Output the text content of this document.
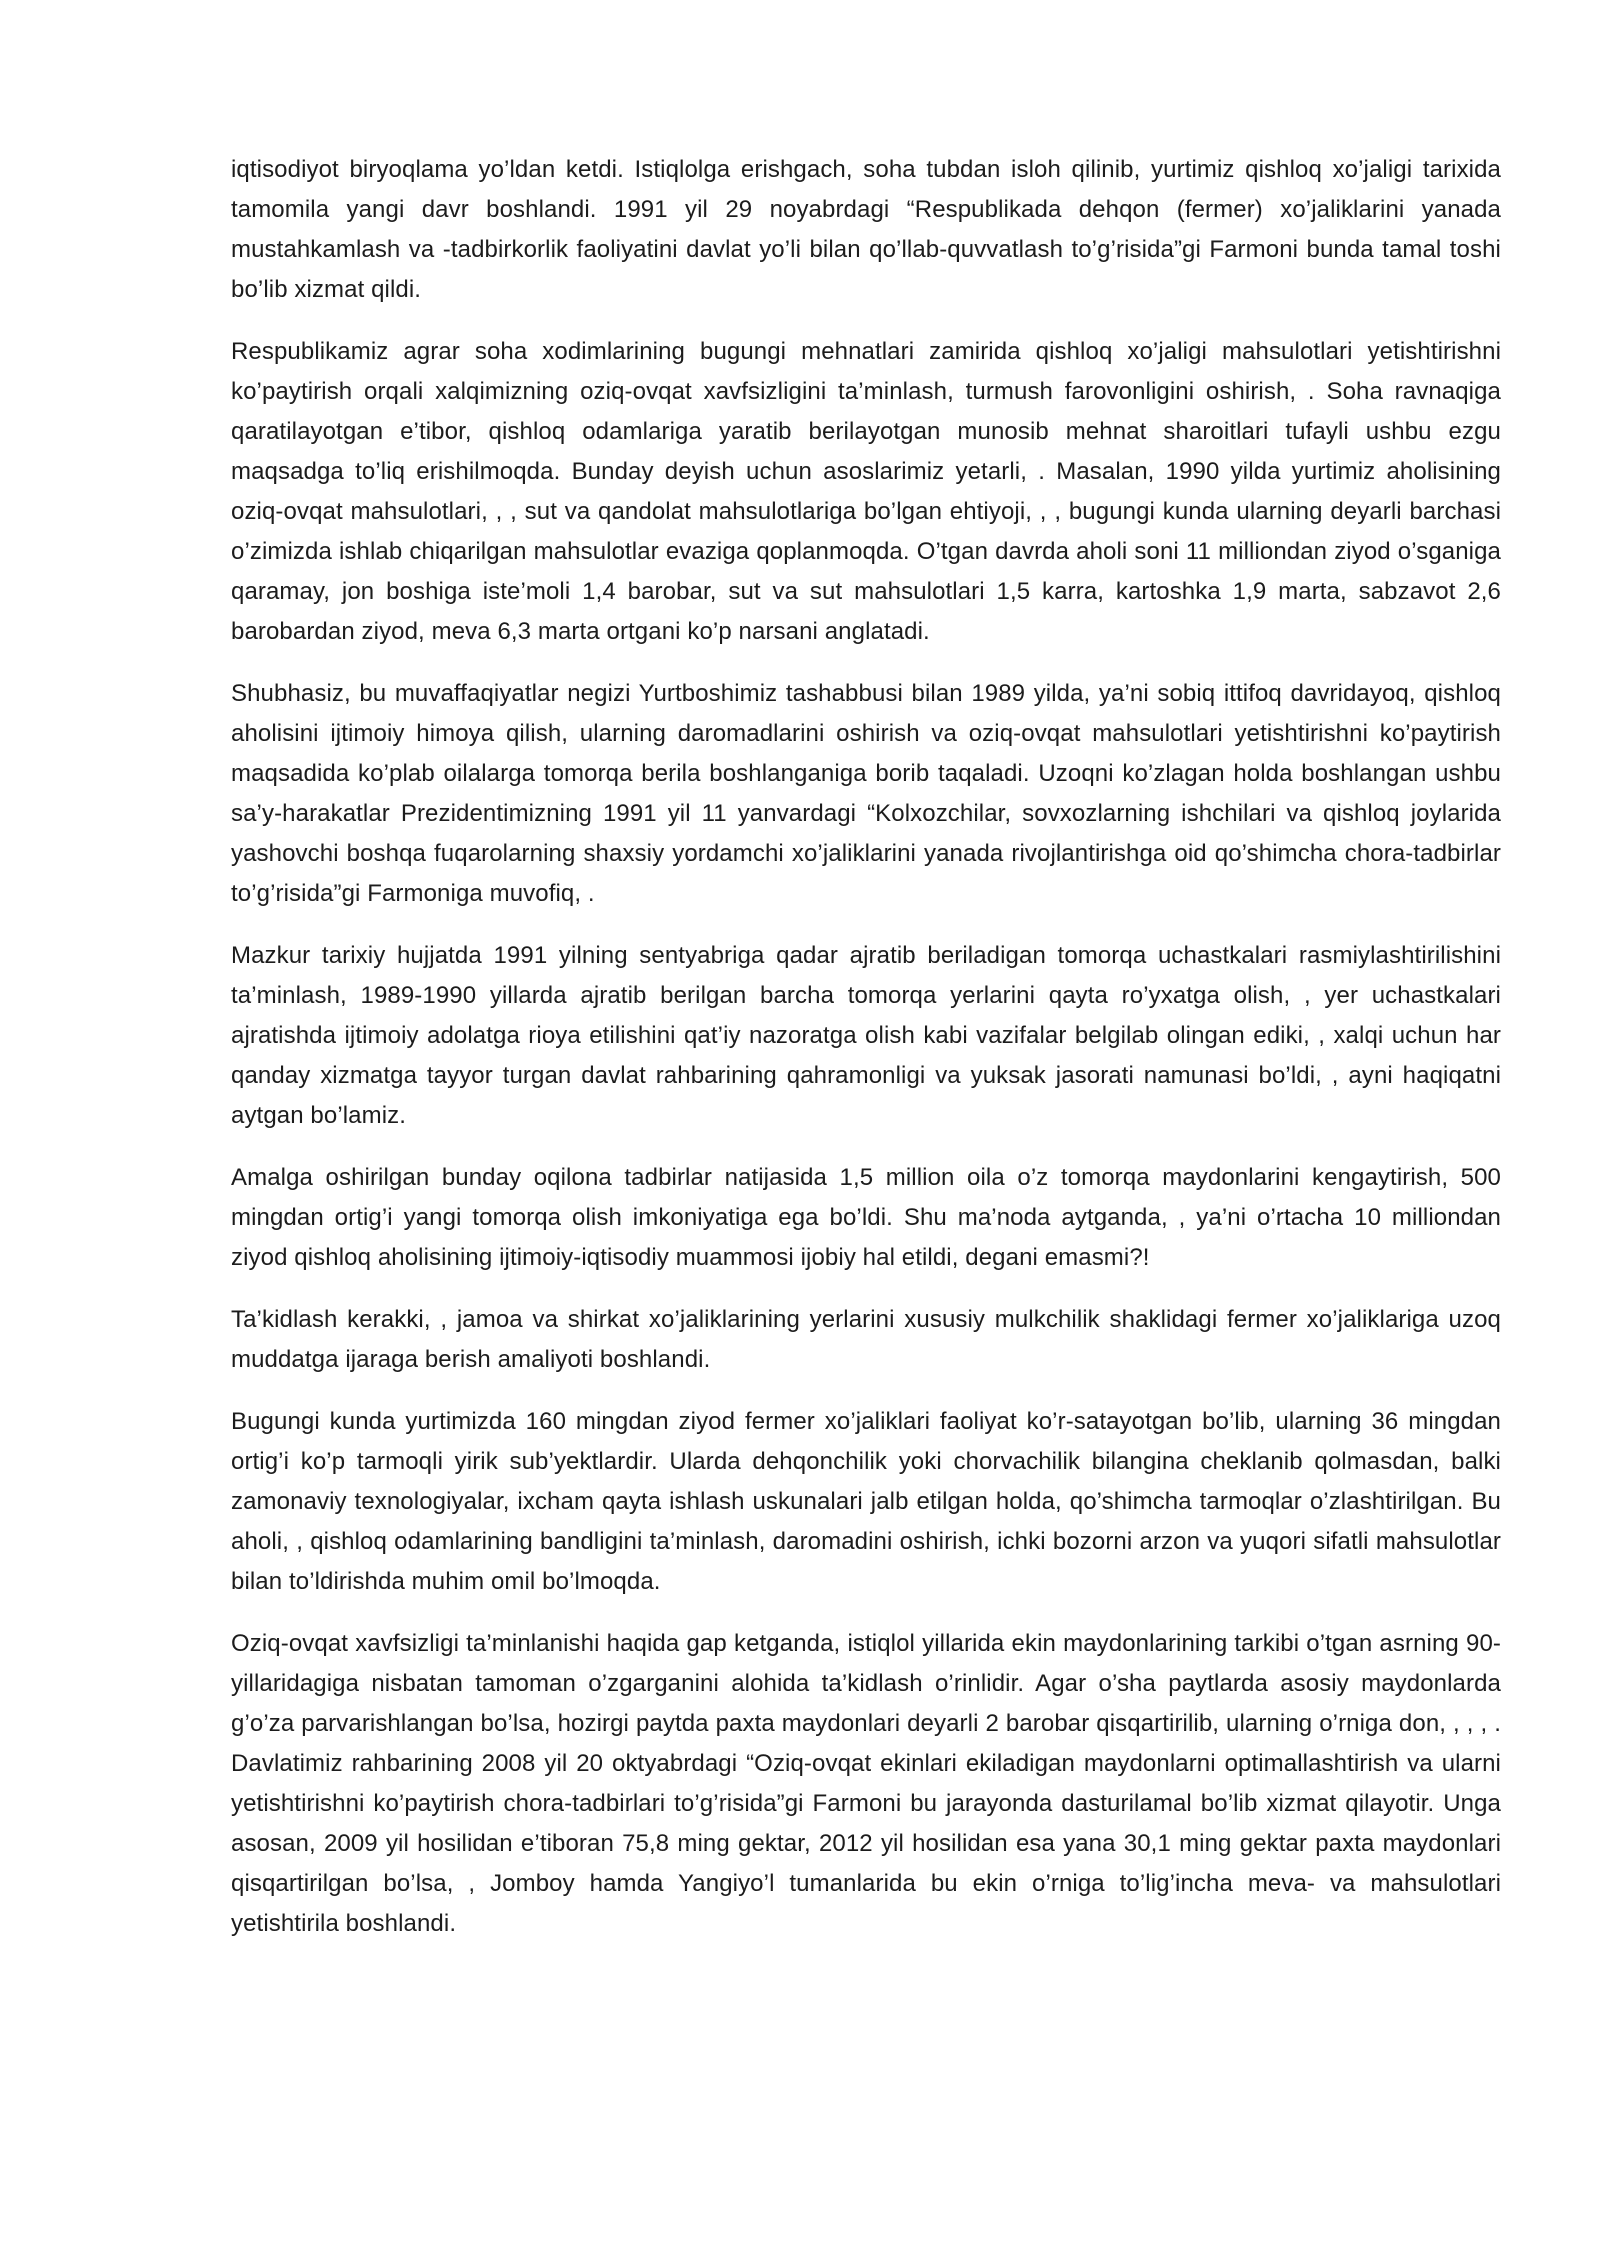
iqtisodiyot biryoqlama yo’ldan ketdi. Istiqlolga erishgach, soha tubdan isloh qilinib, yurtimiz qishloq xo’jaligi tarixida tamomila yangi davr boshlandi. 1991 yil 29 noyabrdagi “Respublikada dehqon (fermer) xo’jaliklarini yanada mustahkamlash va -tadbirkorlik faoliyatini davlat yo’li bilan qo’llab-quvvatlash to’g’risida”gi Farmoni bunda tamal toshi bo’lib xizmat qildi.

Respublikamiz agrar soha xodimlarining bugungi mehnatlari zamirida qishloq xo’jaligi mahsulotlari yetishtirishni ko’paytirish orqali xalqimizning oziq-ovqat xavfsizligini ta’minlash, turmush farovonligini oshirish, . Soha ravnaqiga qaratilayotgan e’tibor, qishloq odamlariga yaratib berilayotgan munosib mehnat sharoitlari tufayli ushbu ezgu maqsadga to’liq erishilmoqda. Bunday deyish uchun asoslarimiz yetarli, . Masalan, 1990 yilda yurtimiz aholisining oziq-ovqat mahsulotlari, , , sut va qandolat mahsulotlariga bo’lgan ehtiyoji, , , bugungi kunda ularning deyarli barchasi o’zimizda ishlab chiqarilgan mahsulotlar evaziga qoplanmoqda. O’tgan davrda aholi soni 11 milliondan ziyod o’sganiga qaramay, jon boshiga iste’moli 1,4 barobar, sut va sut mahsulotlari 1,5 karra, kartoshka 1,9 marta, sabzavot 2,6 barobardan ziyod, meva 6,3 marta ortgani ko’p narsani anglatadi.

Shubhasiz, bu muvaffaqiyatlar negizi Yurtboshimiz tashabbusi bilan 1989 yilda, ya’ni sobiq ittifoq davridayoq, qishloq aholisini ijtimoiy himoya qilish, ularning daromadlarini oshirish va oziq-ovqat mahsulotlari yetishtirishni ko’paytirish maqsadida ko’plab oilalarga tomorqa berila boshlanganiga borib taqaladi. Uzoqni ko’zlagan holda boshlangan ushbu sa’y-harakatlar Prezidentimizning 1991 yil 11 yanvardagi “Kolxozchilar, sovxozlarning ishchilari va qishloq joylarida yashovchi boshqa fuqarolarning shaxsiy yordamchi xo’jaliklarini yanada rivojlantirishga oid qo’shimcha chora-tadbirlar to’g’risida”gi Farmoniga muvofiq, .

Mazkur tarixiy hujjatda 1991 yilning sentyabriga qadar ajratib beriladigan tomorqa uchastkalari rasmiylashtirilishini ta’minlash, 1989-1990 yillarda ajratib berilgan barcha tomorqa yerlarini qayta ro’yxatga olish, , yer uchastkalari ajratishda ijtimoiy adolatga rioya etilishini qat’iy nazoratga olish kabi vazifalar belgilab olingan ediki, , xalqi uchun har qanday xizmatga tayyor turgan davlat rahbarining qahramonligi va yuksak jasorati namunasi bo’ldi, , ayni haqiqatni aytgan bo’lamiz.

Amalga oshirilgan bunday oqilona tadbirlar natijasida 1,5 million oila o’z tomorqa maydonlarini kengaytirish, 500 mingdan ortig’i yangi tomorqa olish imkoniyatiga ega bo’ldi. Shu ma’noda aytganda, , ya’ni o’rtacha 10 milliondan ziyod qishloq aholisining ijtimoiy-iqtisodiy muammosi ijobiy hal etildi, degani emasmi?!

Ta’kidlash kerakki, , jamoa va shirkat xo’jaliklarining yerlarini xususiy mulkchilik shaklidagi fermer xo’jaliklariga uzoq muddatga ijaraga berish amaliyoti boshlandi.

Bugungi kunda yurtimizda 160 mingdan ziyod fermer xo’jaliklari faoliyat ko’r-satayotgan bo’lib, ularning 36 mingdan ortig’i ko’p tarmoqli yirik sub’yektlardir. Ularda dehqonchilik yoki chorvachilik bilangina cheklanib qolmasdan, balki zamonaviy texnologiyalar, ixcham qayta ishlash uskunalari jalb etilgan holda, qo’shimcha tarmoqlar o’zlashtirilgan. Bu aholi, , qishloq odamlarining bandligini ta’minlash, daromadini oshirish, ichki bozorni arzon va yuqori sifatli mahsulotlar bilan to’ldirishda muhim omil bo’lmoqda.

Oziq-ovqat xavfsizligi ta’minlanishi haqida gap ketganda, istiqlol yillarida ekin maydonlarining tarkibi o’tgan asrning 90-yillaridagiga nisbatan tamoman o’zgarganini alohida ta’kidlash o’rinlidir. Agar o’sha paytlarda asosiy maydonlarda g’o’za parvarishlangan bo’lsa, hozirgi paytda paxta maydonlari deyarli 2 barobar qisqartirilib, ularning o’rniga don, , , , . Davlatimiz rahbarining 2008 yil 20 oktyabrdagi “Oziq-ovqat ekinlari ekiladigan maydonlarni optimallashtirish va ularni yetishtirishni ko’paytirish chora-tadbirlari to’g’risida”gi Farmoni bu jarayonda dasturilamal bo’lib xizmat qilayotir. Unga asosan, 2009 yil hosilidan e’tiboran 75,8 ming gektar, 2012 yil hosilidan esa yana 30,1 ming gektar paxta maydonlari qisqartirilgan bo’lsa, , Jomboy hamda Yangiyo’l tumanlarida bu ekin o’rniga to’lig’incha meva- va mahsulotlari yetishtirila boshlandi.
